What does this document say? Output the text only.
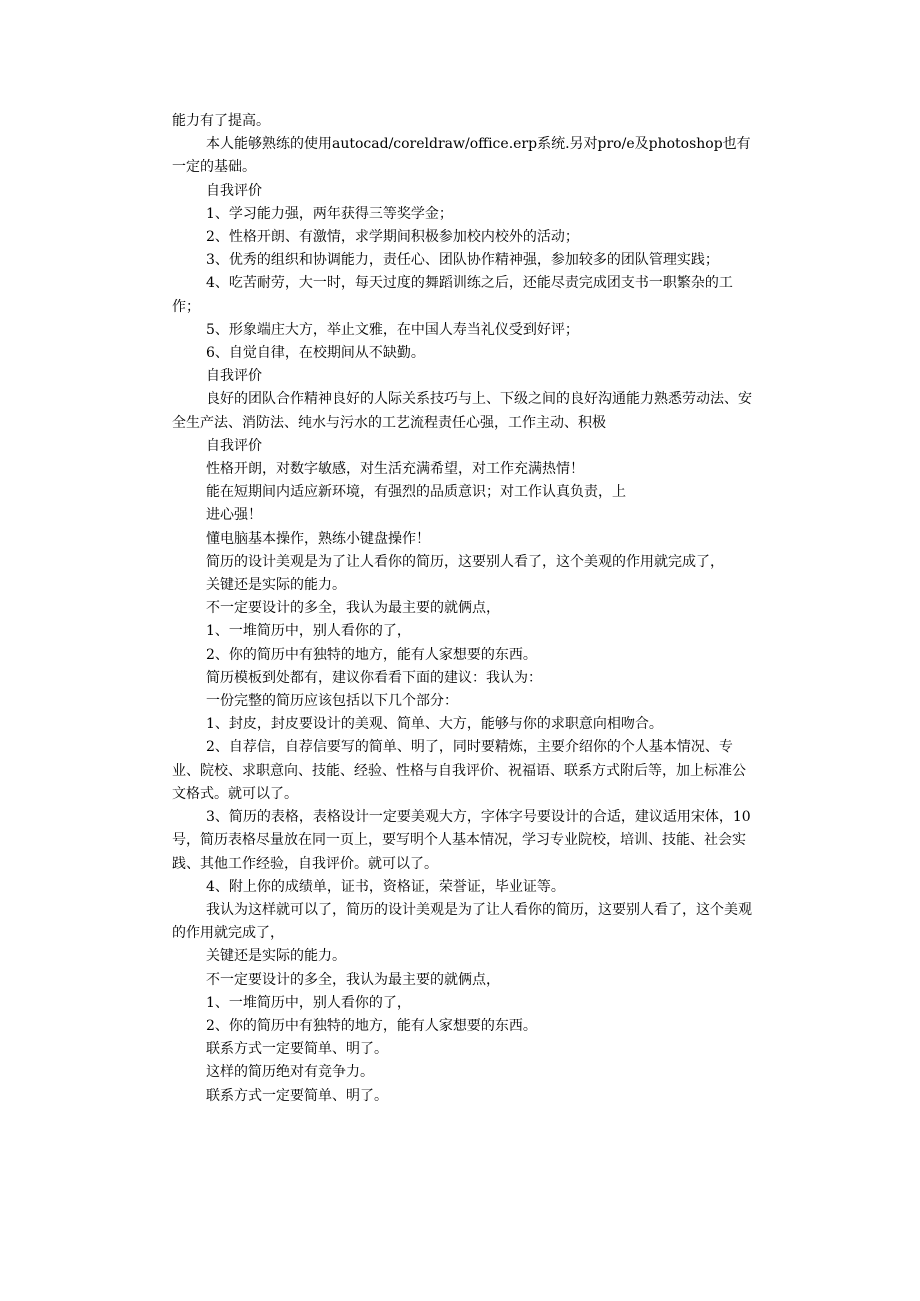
能力有了提高。

本人能够熟练的使用autocad/coreldraw/office.erp系统.另对pro/e及photoshop也有一定的基础。

自我评价

1、学习能力强，两年获得三等奖学金；

2、性格开朗、有激情，求学期间积极参加校内校外的活动；

3、优秀的组织和协调能力，责任心、团队协作精神强，参加较多的团队管理实践；

4、吃苦耐劳，大一时，每天过度的舞蹈训练之后，还能尽责完成团支书一职繁杂的工作；

5、形象端庄大方，举止文雅，在中国人寿当礼仪受到好评；

6、自觉自律，在校期间从不缺勤。

自我评价

良好的团队合作精神良好的人际关系技巧与上、下级之间的良好沟通能力熟悉劳动法、安全生产法、消防法、纯水与污水的工艺流程责任心强，工作主动、积极

自我评价

性格开朗，对数字敏感，对生活充满希望，对工作充满热情！

能在短期间内适应新环境，有强烈的品质意识；对工作认真负责，上

进心强！

懂电脑基本操作，熟练小键盘操作！

简历的设计美观是为了让人看你的简历，这要别人看了，这个美观的作用就完成了，

关键还是实际的能力。

不一定要设计的多全，我认为最主要的就俩点，

1、一堆简历中，别人看你的了，

2、你的简历中有独特的地方，能有人家想要的东西。

简历模板到处都有，建议你看看下面的建议：我认为：

一份完整的简历应该包括以下几个部分：

1、封皮，封皮要设计的美观、简单、大方，能够与你的求职意向相吻合。

2、自荐信，自荐信要写的简单、明了，同时要精炼，主要介绍你的个人基本情况、专业、院校、求职意向、技能、经验、性格与自我评价、祝福语、联系方式附后等，加上标准公文格式。就可以了。

3、简历的表格，表格设计一定要美观大方，字体字号要设计的合适，建议适用宋体，10号，简历表格尽量放在同一页上，要写明个人基本情况，学习专业院校，培训、技能、社会实践、其他工作经验，自我评价。就可以了。

4、附上你的成绩单，证书，资格证，荣誉证，毕业证等。

我认为这样就可以了，简历的设计美观是为了让人看你的简历，这要别人看了，这个美观的作用就完成了，

关键还是实际的能力。

不一定要设计的多全，我认为最主要的就俩点，

1、一堆简历中，别人看你的了，

2、你的简历中有独特的地方，能有人家想要的东西。

联系方式一定要简单、明了。

这样的简历绝对有竞争力。

联系方式一定要简单、明了。
